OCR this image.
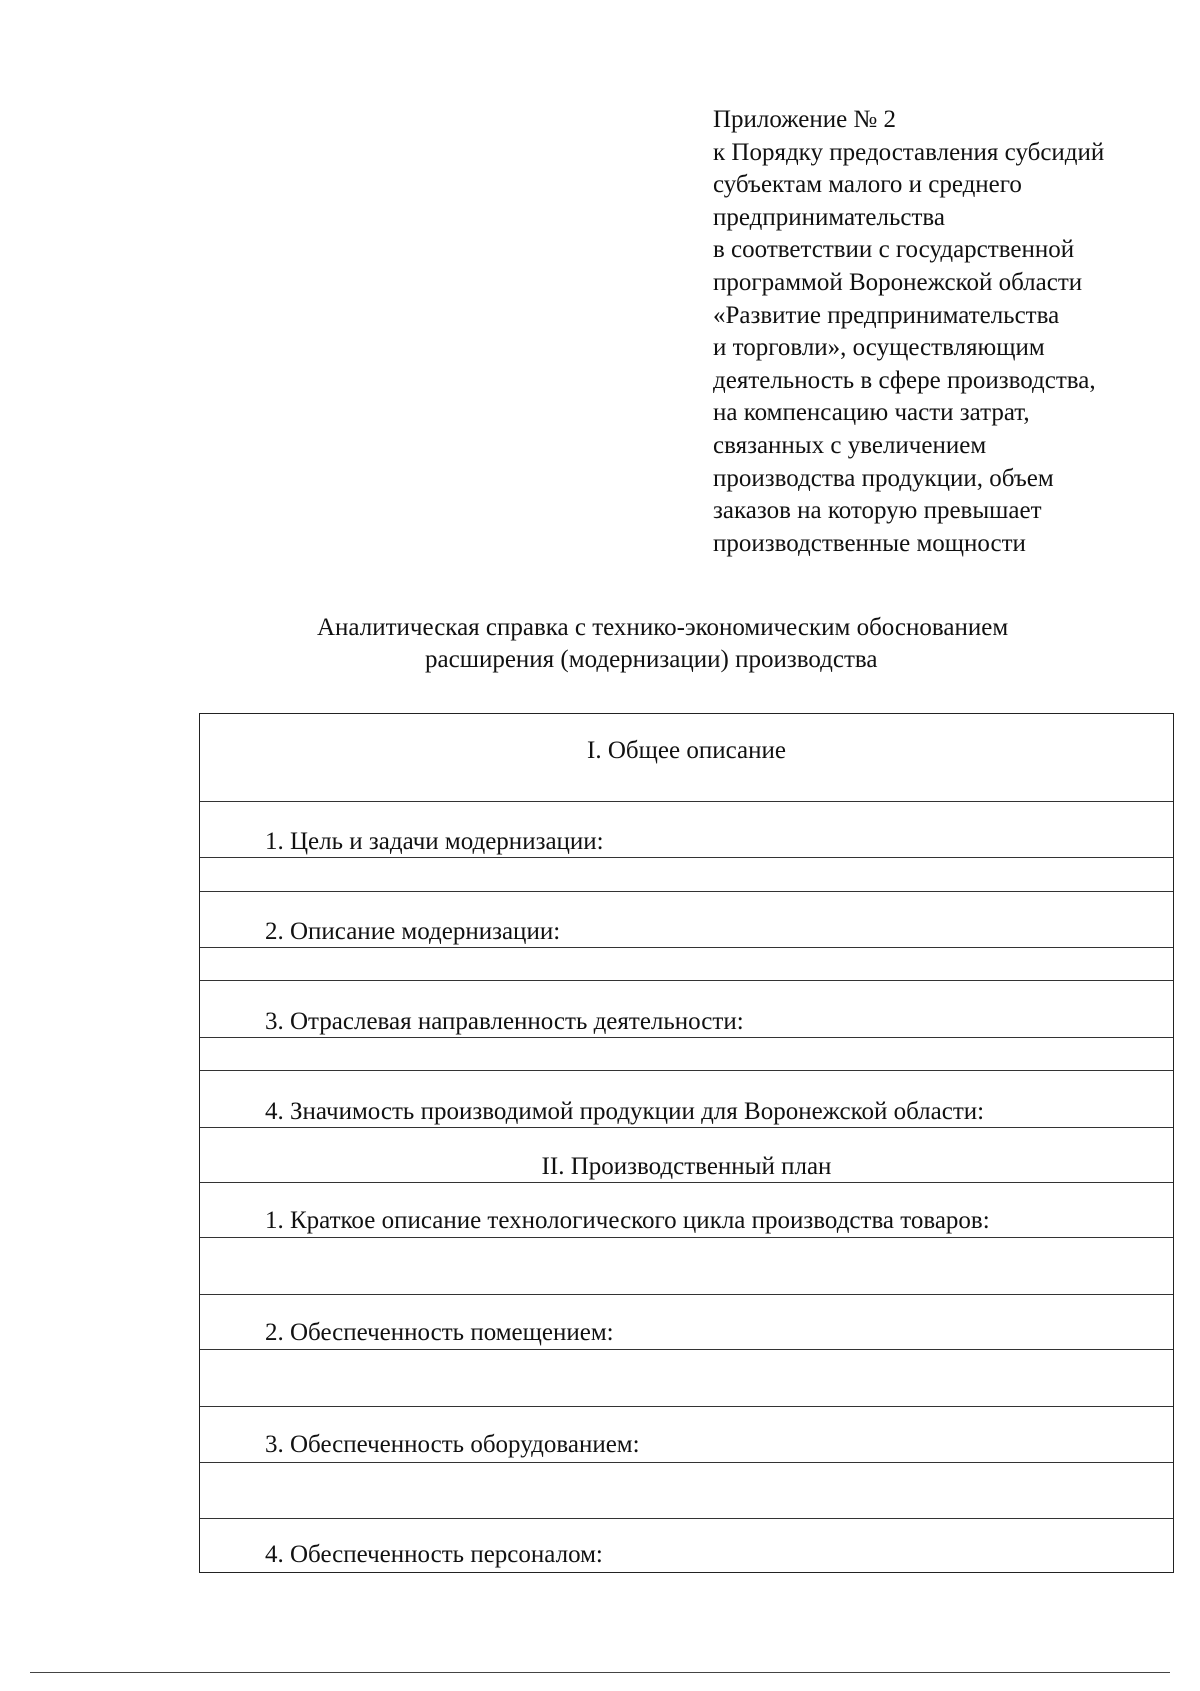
Приложение № 2
к Порядку предоставления субсидий
субъектам малого и среднего
предпринимательства
в соответствии с государственной
программой Воронежской области
«Развитие предпринимательства
и торговли», осуществляющим
деятельность в сфере производства,
на компенсацию части затрат,
связанных с увеличением
производства продукции, объем
заказов на которую превышает
производственные мощности
Аналитическая справка с технико-экономическим обоснованием
расширения (модернизации) производства
I. Общее описание
1. Цель и задачи модернизации:
2. Описание модернизации:
3. Отраслевая направленность деятельности:
4. Значимость производимой продукции для Воронежской области:
II. Производственный план
1. Краткое описание технологического цикла производства товаров:
2. Обеспеченность помещением:
3. Обеспеченность оборудованием:
4. Обеспеченность персоналом:
